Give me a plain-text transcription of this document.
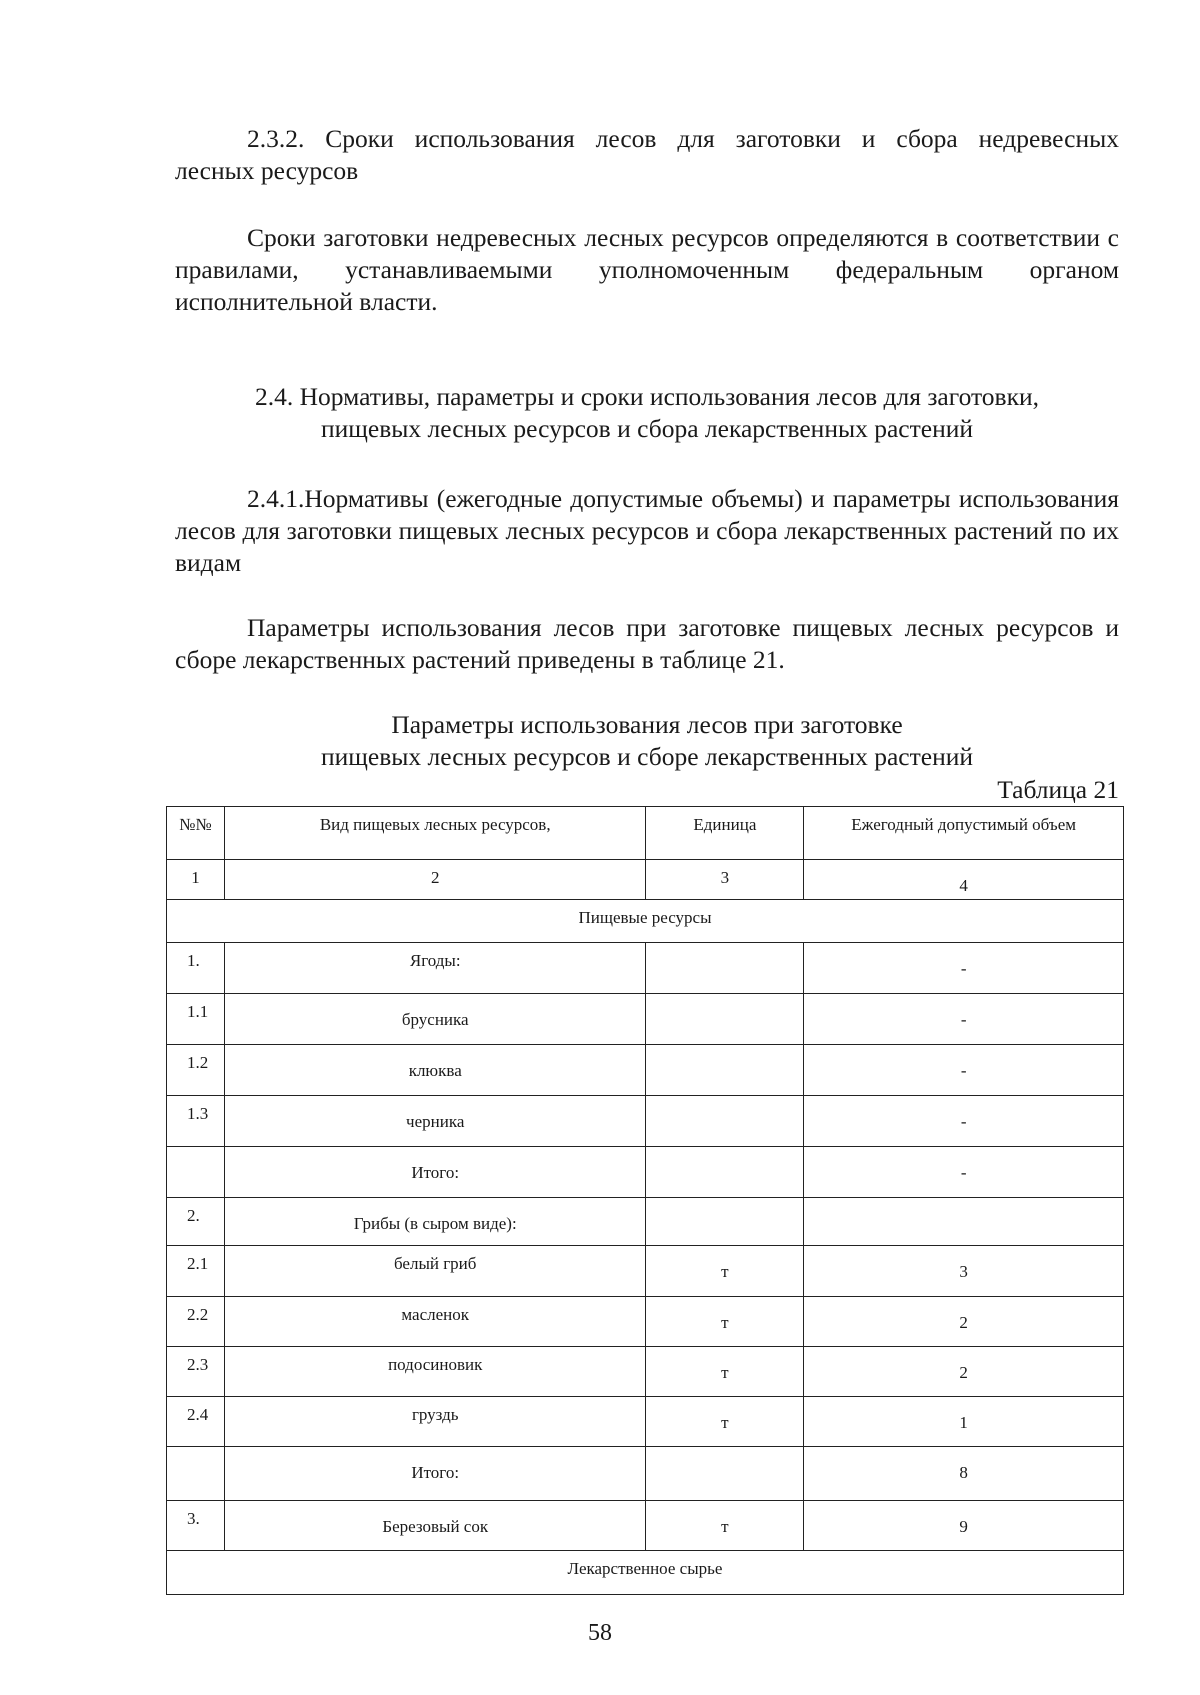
2.3.2. Сроки использования лесов для заготовки и сбора недревесных
лесных ресурсов
Сроки заготовки недревесных лесных ресурсов определяются в соответствии с правилами, устанавливаемыми уполномоченным федеральным органом исполнительной власти.
2.4. Нормативы, параметры и сроки использования лесов для заготовки,
пищевых лесных ресурсов и сбора лекарственных растений
2.4.1.Нормативы (ежегодные допустимые объемы) и параметры использования лесов для заготовки пищевых лесных ресурсов и сбора лекарственных растений по их видам
Параметры использования лесов при заготовке пищевых лесных ресурсов и сборе лекарственных растений приведены в таблице 21.
Параметры использования лесов при заготовке
пищевых лесных ресурсов и сборе лекарственных растений
Таблица 21
№№	Вид пищевых лесных ресурсов,	Единица	Ежегодный допустимый объем
1	2	3	4
Пищевые ресурсы			
1.	Ягоды:		-
1.1	брусника		-
1.2	клюква		-
1.3	черника		-
	Итого:		-
2.	Грибы (в сыром виде):		
2.1	белый гриб	т	3
2.2	масленок	т	2
2.3	подосиновик	т	2
2.4	груздь	т	1
	Итого:		8
3.	Березовый сок	т	9
Лекарственное сырье			
58
